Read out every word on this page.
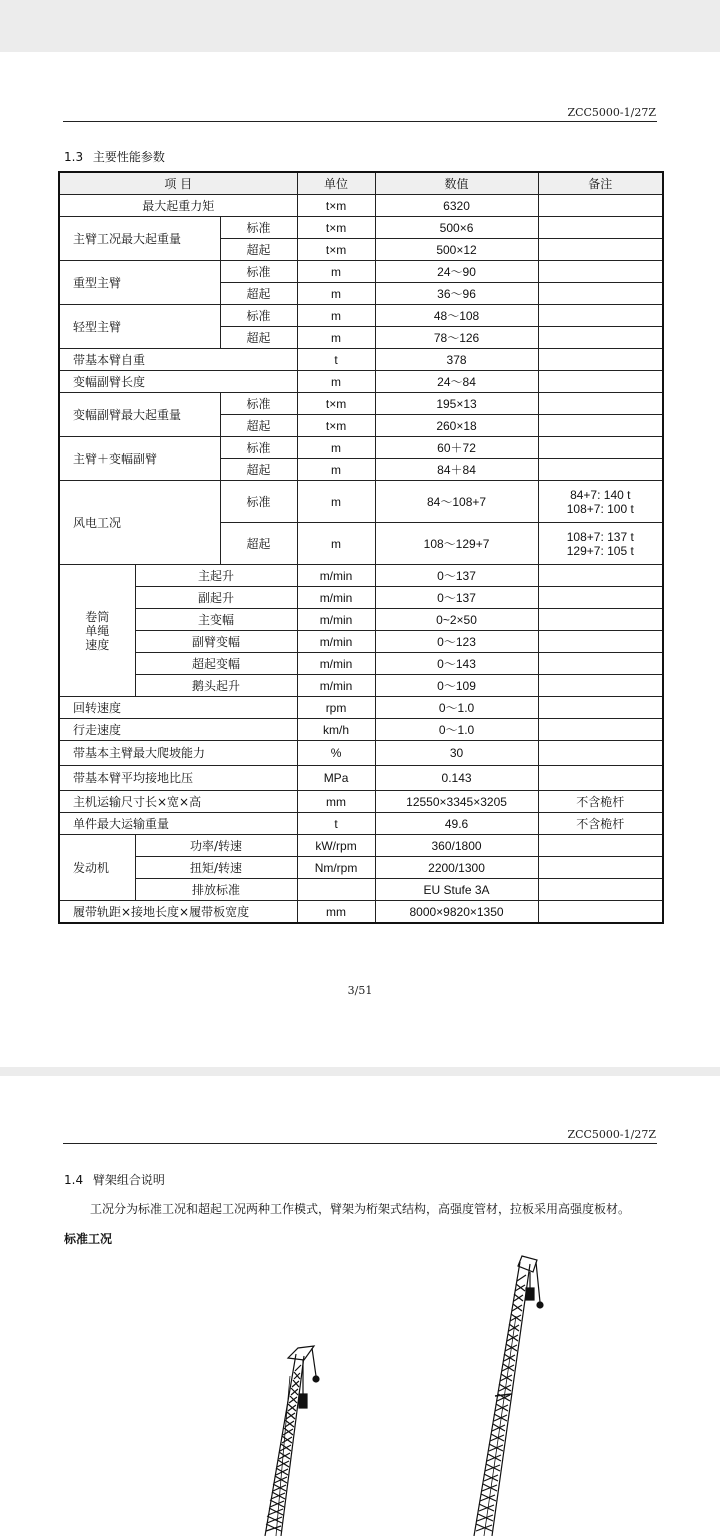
ZCC5000-1/27Z
1.3 主要性能参数
项 目			单位	数值	备注
最大起重力矩			t×m	6320	
主臂工况最大起重量		标准	t×m	500×6	
		超起	t×m	500×12	
重型主臂		标准	m	24～90	
		超起	m	36～96	
轻型主臂		标准	m	48～108	
		超起	m	78～126	
带基本臂自重			t	378	
变幅副臂长度			m	24～84	
变幅副臂最大起重量		标准	t×m	195×13	
		超起	t×m	260×18	
主臂＋变幅副臂		标准	m	60＋72	
		超起	m	84＋84	
风电工况		标准	m	84～108+7	84+7: 140 t
108+7: 100 t

		超起	m	108～129+7	108+7: 137 t
129+7: 105 t

卷筒
单绳
速度	主起升		m/min	0～137	
	副起升		m/min	0～137	
	主变幅		m/min	0~2×50	
	副臂变幅		m/min	0～123	
	超起变幅		m/min	0～143	
	鹅头起升		m/min	0～109	
回转速度			rpm	0～1.0	
行走速度			km/h	0～1.0	
带基本主臂最大爬坡能力			%	30	
带基本臂平均接地比压			MPa	0.143	
主机运输尺寸长×宽×高			mm	12550×3345×3205	不含桅杆
单件最大运输重量			t	49.6	不含桅杆
发动机	功率/转速		kW/rpm	360/1800	
	扭矩/转速		Nm/rpm	2200/1300	
	排放标准			EU Stufe 3A	
履带轨距×接地长度×履带板宽度			mm	8000×9820×1350	
3/51
ZCC5000-1/27Z
1.4 臂架组合说明
工况分为标准工况和超起工况两种工作模式，臂架为桁架式结构，高强度管材，拉板采用高强度板材。
标准工况
